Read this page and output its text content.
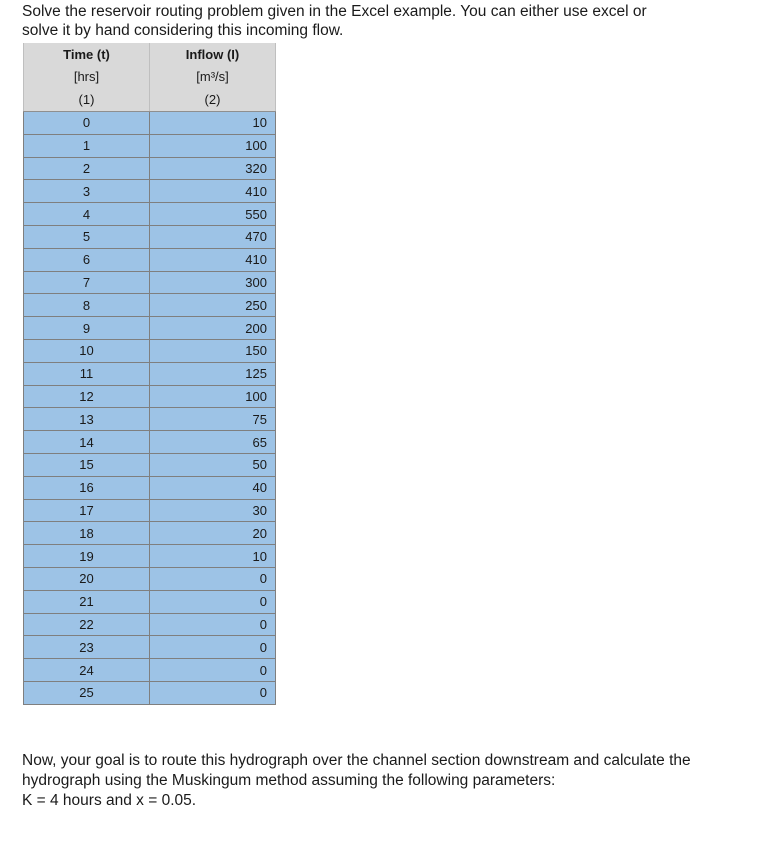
Solve the reservoir routing problem given in the Excel example. You can either use excel or
solve it by hand considering this incoming flow.
Time (t)	Inflow (I)
[hrs]	[m³/s]
(1)	(2)
0	10
1	100
2	320
3	410
4	550
5	470
6	410
7	300
8	250
9	200
10	150
11	125
12	100
13	75
14	65
15	50
16	40
17	30
18	20
19	10
20	0
21	0
22	0
23	0
24	0
25	0
Now, your goal is to route this hydrograph over the channel section downstream and calculate the
hydrograph using the Muskingum method assuming the following parameters:
K = 4 hours and x = 0.05.
